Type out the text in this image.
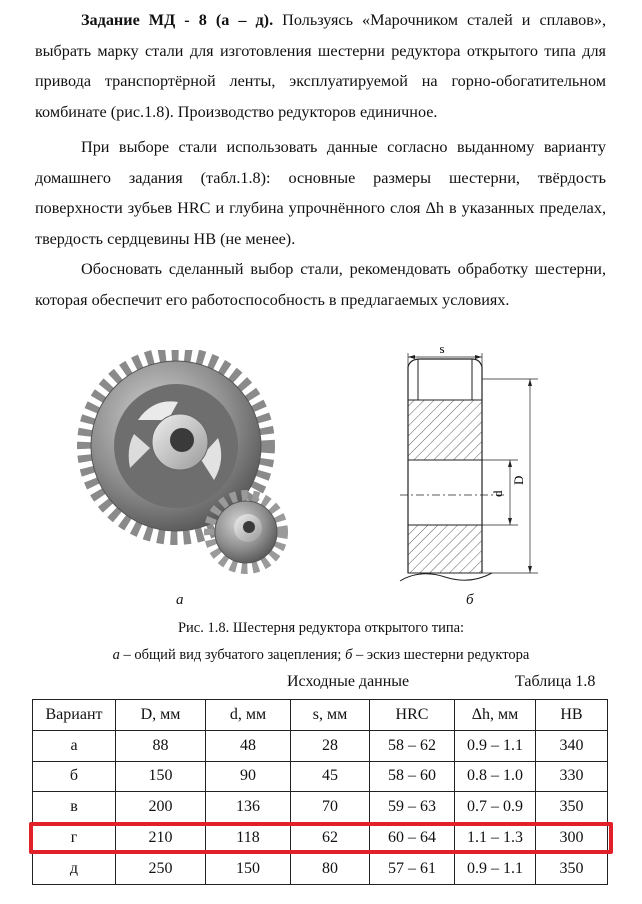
Задание МД - 8 (а – д). Пользуясь «Марочником сталей и сплавов», выбрать марку стали для изготовления шестерни редуктора открытого типа для привода транспортёрной ленты, эксплуатируемой на горно-обогатительном комбинате (рис.1.8). Производство редукторов единичное.

При выборе стали использовать данные согласно выданному варианту домашнего задания (табл.1.8): основные размеры шестерни, твёрдость поверхности зубьев HRC и глубина упрочнённого слоя Δh в указанных пределах, твердость сердцевины HB (не менее).

Обосновать сделанный выбор стали, рекомендовать обработку шестерни, которая обеспечит его работоспособность в предлагаемых условиях.

s
d
D
а	б
Рис. 1.8. Шестерня редуктора открытого типа:
а – общий вид зубчатого зацепления; б – эскиз шестерни редуктора
Исходные данные	Таблица 1.8
Вариант	D, мм	d, мм	s, мм	HRC	Δh, мм	HB
а	88	48	28	58 – 62	0.9 – 1.1	340
б	150	90	45	58 – 60	0.8 – 1.0	330
в	200	136	70	59 – 63	0.7 – 0.9	350
г	210	118	62	60 – 64	1.1 – 1.3	300
д	250	150	80	57 – 61	0.9 – 1.1	350
